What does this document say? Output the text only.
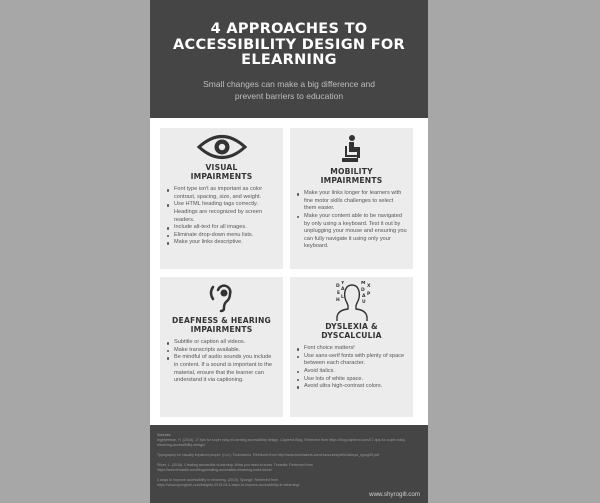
4 APPROACHES TO
ACCESSIBILITY DESIGN FOR
ELEARNING
Small changes can make a big difference and
prevent barriers to education
VISUAL
IMPAIRMENTS
Font type isn't as important as color contrast, spacing, size, and weight.
Use HTML heading tags correctly. Headings are recognized by screen readers.
Include alt-text for all images.
Eliminate drop-down menu lists.
Make your links descriptive.
MOBILITY
IMPAIRMENTS
Make your links longer for learners with fine motor skills challenges to select them easier.
Make your content able to be navigated by only using a keyboard. Test it out by unplugging your mouse and ensuring you can fully navigate it using only your keyboard.
DEAFNESS & HEARING
IMPAIRMENTS
Subtitle or caption all videos.
Make transcripts available.
Be mindful of audio sounds you include in content. If a sound is important to the material, ensure that the learner can understand it via captioning.
D
Y	M
X
E
A	D
A P
H
L
U
DYSLEXIA &
DYSCALCULIA
Font choice matters!
Use sans-serif fonts with plenty of space between each character.
Avoid italics.
Use lots of white space.
Avoid ultra high-contrast colors.
Sources:
Ingeberman, H. (2016). 17 tips for super easy eLearning accessibility design. Capterra Blog. Retrieved from https://blog.capterra.com/17-tips-for-super-easy-
elearning-accessibility-design/
Typography for visually impaired people. (n.d.). Toolmakers. Retrieved from http://www.toolmakers.com/resources/pdfs/visimpd_typog09.pdf
Silver, L. (2016). Creating accessible eLearning: What you need to know. Trivantis. Retrieved from
https://www.trivantis.com/blog/creating-accessible-elearning-need-know/
4 ways to improve accessibility in elearning. (2015). Sponge. Retrieved from
https://www.spongeuk.com/insights-2015-04-4-ways-to-improve-accessibility-in-elearning/
www.shyrogill.com
